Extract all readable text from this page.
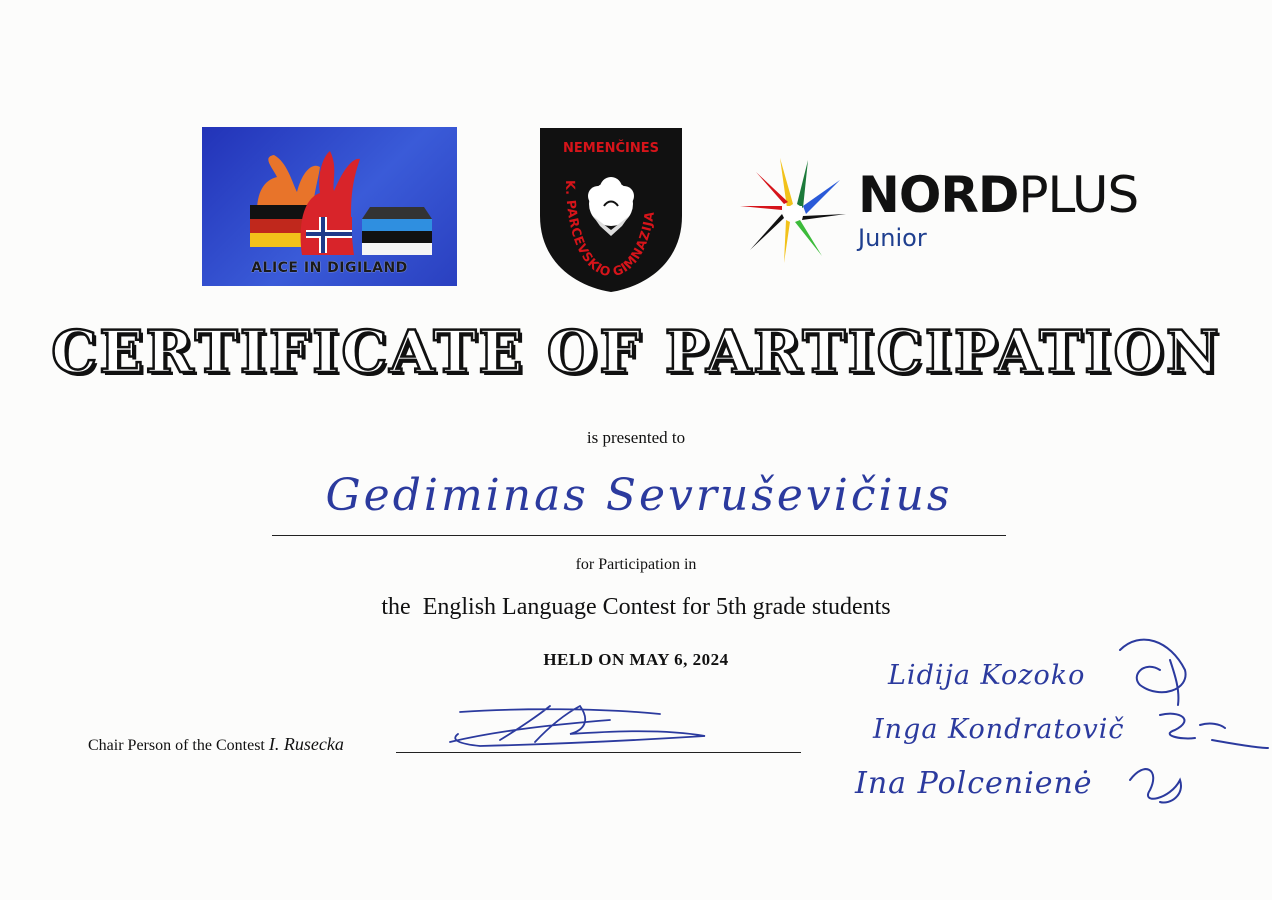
ALICE IN DIGILAND
NEMENČINES
K. PARCEVSKIO GIMNAZIJA	NORDPLUS
Junior
CERTIFICATE OF PARTICIPATION
is presented to
Gediminas Sevruševičius
for Participation in
the  English Language Contest for 5th grade students
HELD ON MAY 6, 2024
Chair Person of the Contest I. Rusecka
Lidija Kozoko
Inga Kondratovič
Ina Polcenienė
